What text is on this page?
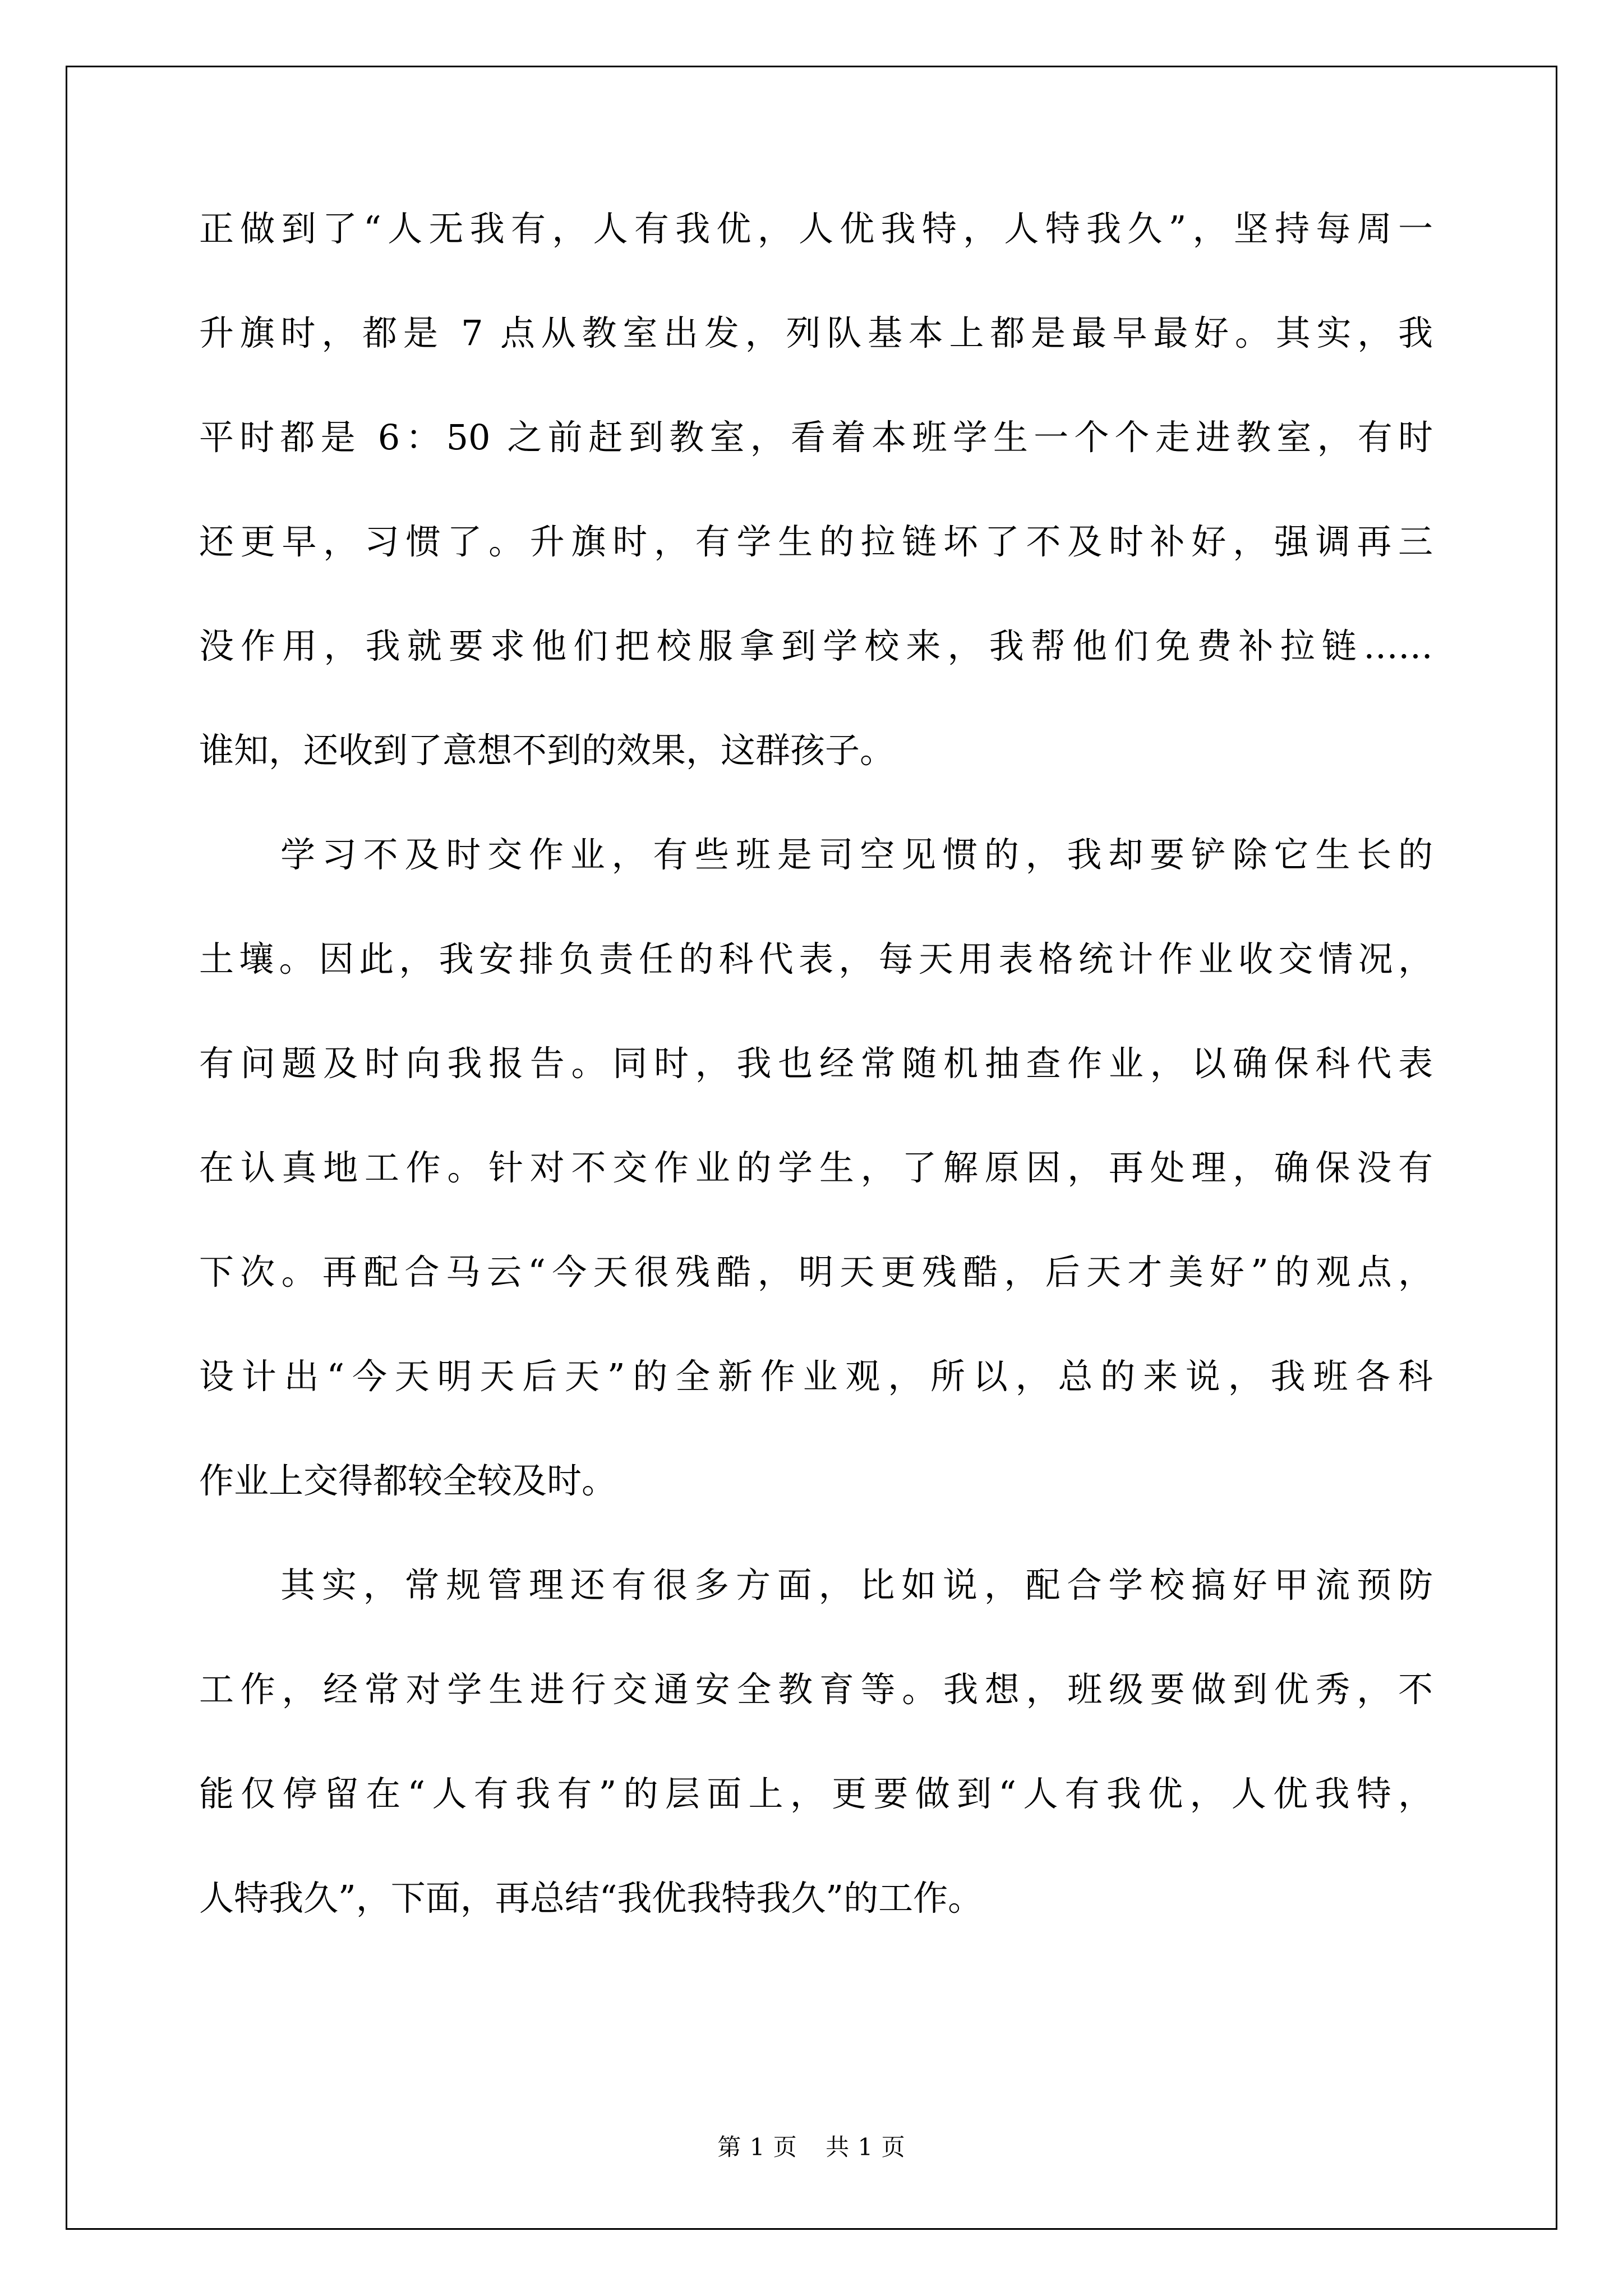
正做到了“人无我有，人有我优，人优我特，人特我久”，坚持每周一
升旗时，都是 7 点从教室出发，列队基本上都是最早最好。其实，我
平时都是 6：50 之前赶到教室，看着本班学生一个个走进教室，有时
还更早，习惯了。升旗时，有学生的拉链坏了不及时补好，强调再三
没作用，我就要求他们把校服拿到学校来，我帮他们免费补拉链……
谁知，还收到了意想不到的效果，这群孩子。
学习不及时交作业，有些班是司空见惯的，我却要铲除它生长的
土壤。因此，我安排负责任的科代表，每天用表格统计作业收交情况，
有问题及时向我报告。同时，我也经常随机抽查作业，以确保科代表
在认真地工作。针对不交作业的学生，了解原因，再处理，确保没有
下次。再配合马云“今天很残酷，明天更残酷，后天才美好”的观点，
设计出“今天明天后天”的全新作业观，所以，总的来说，我班各科
作业上交得都较全较及时。
其实，常规管理还有很多方面，比如说，配合学校搞好甲流预防
工作，经常对学生进行交通安全教育等。我想，班级要做到优秀，不
能仅停留在“人有我有”的层面上，更要做到“人有我优，人优我特，
人特我久”，下面，再总结“我优我特我久”的工作。
第 1 页 共 1 页
